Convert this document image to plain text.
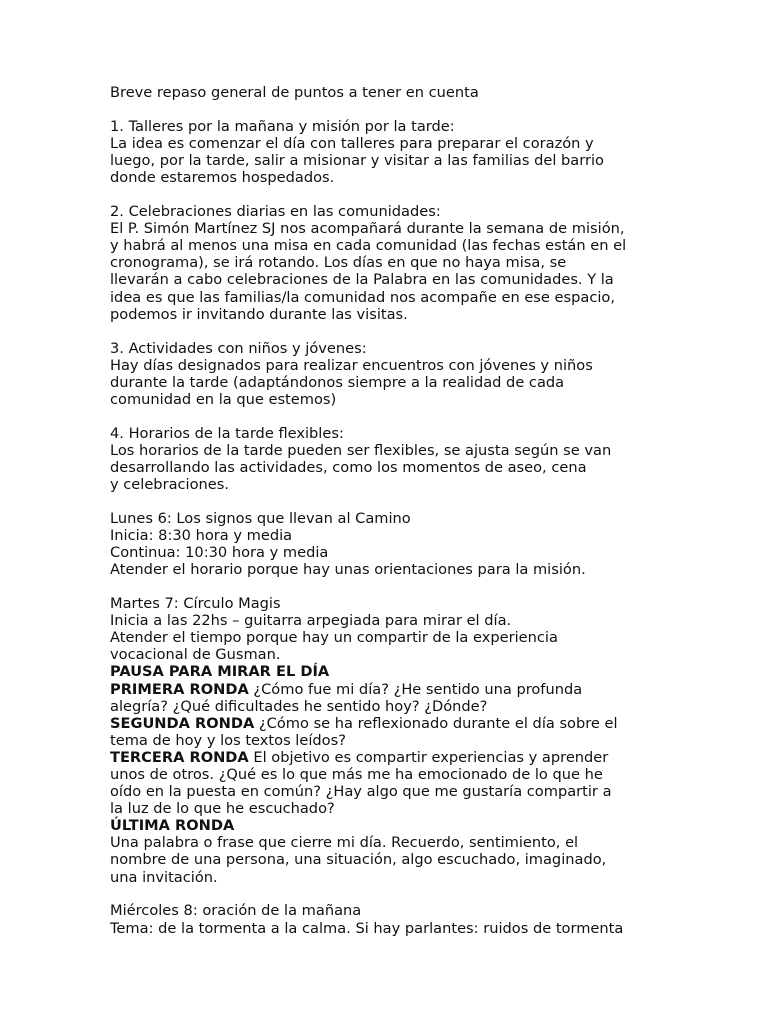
Breve repaso general de puntos a tener en cuenta
1. Talleres por la mañana y misión por la tarde:
La idea es comenzar el día con talleres para preparar el corazón y
luego, por la tarde, salir a misionar y visitar a las familias del barrio
donde estaremos hospedados.
2. Celebraciones diarias en las comunidades:
El P. Simón Martínez SJ nos acompañará durante la semana de misión,
y habrá al menos una misa en cada comunidad (las fechas están en el
cronograma), se irá rotando. Los días en que no haya misa, se
llevarán a cabo celebraciones de la Palabra en las comunidades. Y la
idea es que las familias/la comunidad nos acompañe en ese espacio,
podemos ir invitando durante las visitas.
3. Actividades con niños y jóvenes:
Hay días designados para realizar encuentros con jóvenes y niños
durante la tarde (adaptándonos siempre a la realidad de cada
comunidad en la que estemos)
4. Horarios de la tarde flexibles:
Los horarios de la tarde pueden ser flexibles, se ajusta según se van
desarrollando las actividades, como los momentos de aseo, cena
y celebraciones.
Lunes 6: Los signos que llevan al Camino
Inicia: 8:30 hora y media
Continua: 10:30 hora y media
Atender el horario porque hay unas orientaciones para la misión.
Martes 7: Círculo Magis
Inicia a las 22hs – guitarra arpegiada para mirar el día.
Atender el tiempo porque hay un compartir de la experiencia
vocacional de Gusman.
PAUSA PARA MIRAR EL DÍA
PRIMERA RONDA ¿Cómo fue mi día? ¿He sentido una profunda
alegría? ¿Qué dificultades he sentido hoy? ¿Dónde?
SEGUNDA RONDA ¿Cómo se ha reflexionado durante el día sobre el
tema de hoy y los textos leídos?
TERCERA RONDA El objetivo es compartir experiencias y aprender
unos de otros. ¿Qué es lo que más me ha emocionado de lo que he
oído en la puesta en común? ¿Hay algo que me gustaría compartir a
la luz de lo que he escuchado?
ÚLTIMA RONDA
Una palabra o frase que cierre mi día. Recuerdo, sentimiento, el
nombre de una persona, una situación, algo escuchado, imaginado,
una invitación.
Miércoles 8: oración de la mañana
Tema: de la tormenta a la calma. Si hay parlantes: ruidos de tormenta
